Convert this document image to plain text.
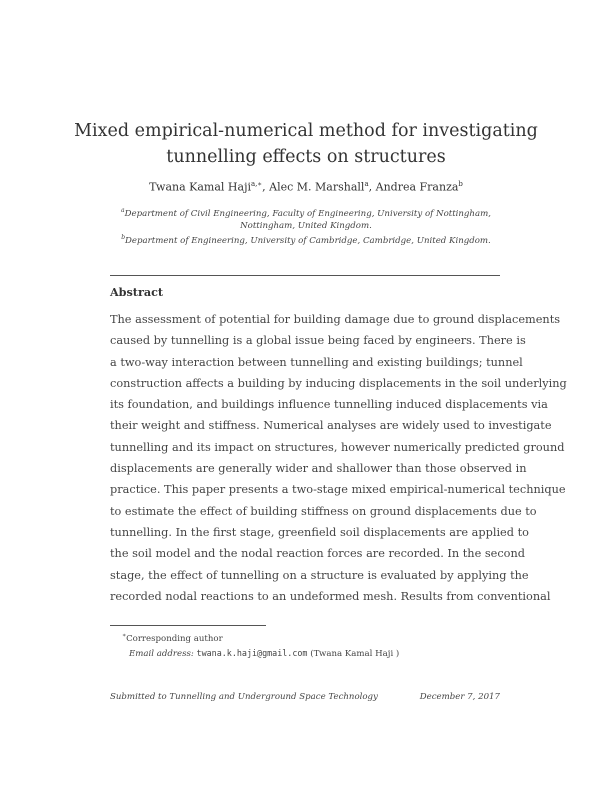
Mixed empirical-numerical method for investigating
tunnelling effects on structures
Twana Kamal Haji$^{a,∗}$, Alec M. Marshall$^a$, Andrea Franza$^b$
$^a$Department of Civil Engineering, Faculty of Engineering, University of Nottingham,
Nottingham, United Kingdom.
$^b$Department of Engineering, University of Cambridge, Cambridge, United Kingdom.
Abstract
The assessment of potential for building damage due to ground displacements
caused by tunnelling is a global issue being faced by engineers. There is
a two-way interaction between tunnelling and existing buildings; tunnel
construction affects a building by inducing displacements in the soil underlying
its foundation, and buildings influence tunnelling induced displacements via
their weight and stiffness. Numerical analyses are widely used to investigate
tunnelling and its impact on structures, however numerically predicted ground
displacements are generally wider and shallower than those observed in
practice. This paper presents a two-stage mixed empirical-numerical technique
to estimate the effect of building stiffness on ground displacements due to
tunnelling. In the first stage, greenfield soil displacements are applied to
the soil model and the nodal reaction forces are recorded. In the second
stage, the effect of tunnelling on a structure is evaluated by applying the
recorded nodal reactions to an undeformed mesh. Results from conventional
∗Corresponding author
Email address: twana.k.haji@gmail.com (Twana Kamal Haji )
Submitted to Tunnelling and Underground Space Technology	December 7, 2017
